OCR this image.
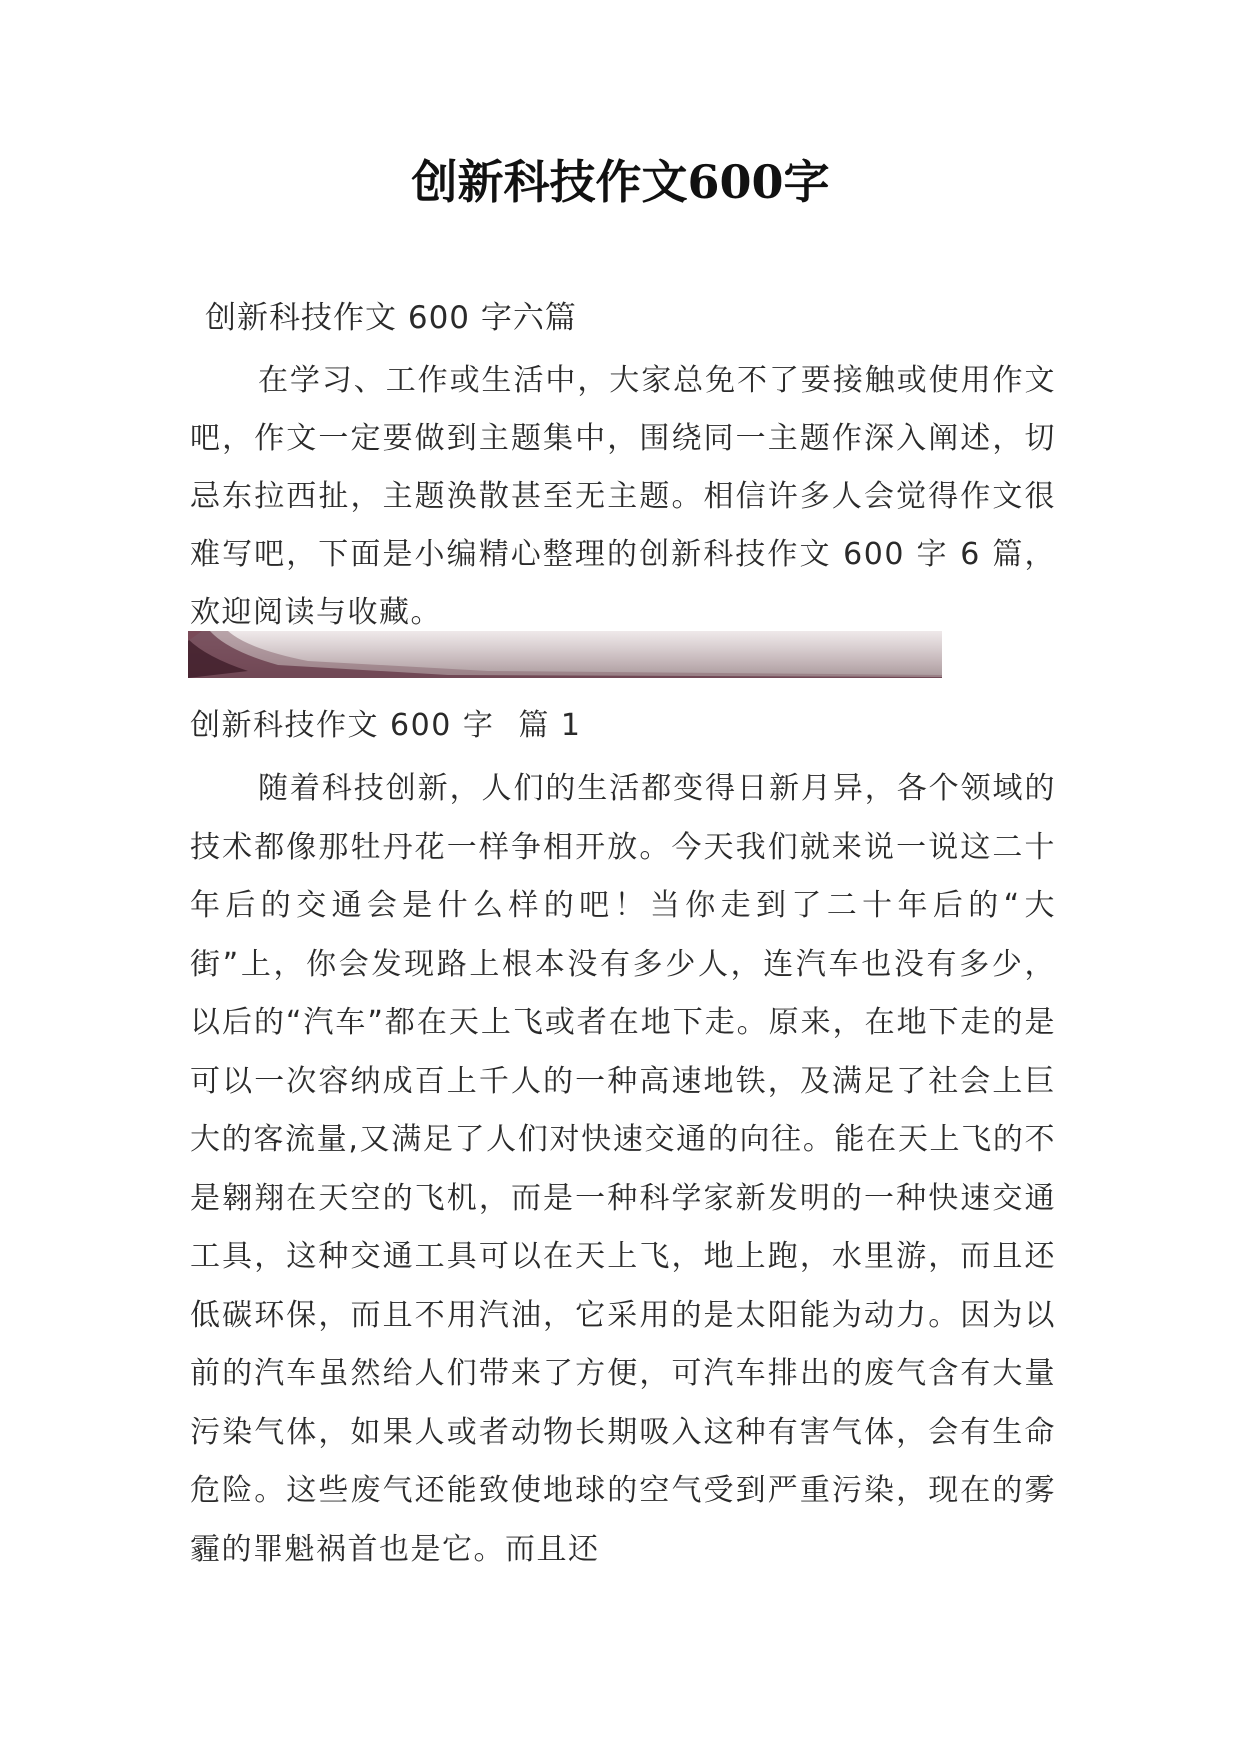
创新科技作文600字
创新科技作文 600 字六篇

在学习、工作或生活中，大家总免不了要接触或使用作文吧，作文一定要做到主题集中，围绕同一主题作深入阐述，切忌东拉西扯，主题涣散甚至无主题。相信许多人会觉得作文很难写吧，下面是小编精心整理的创新科技作文 600 字 6 篇，欢迎阅读与收藏。

创新科技作文 600 字 篇 1

随着科技创新，人们的生活都变得日新月异，各个领域的技术都像那牡丹花一样争相开放。今天我们就来说一说这二十年后的交通会是什么样的吧！当你走到了二十年后的“大街”上，你会发现路上根本没有多少人，连汽车也没有多少，以后的“汽车”都在天上飞或者在地下走。原来，在地下走的是可以一次容纳成百上千人的一种高速地铁，及满足了社会上巨大的客流量,又满足了人们对快速交通的向往。能在天上飞的不是翱翔在天空的飞机，而是一种科学家新发明的一种快速交通工具，这种交通工具可以在天上飞，地上跑，水里游，而且还低碳环保，而且不用汽油，它采用的是太阳能为动力。因为以前的汽车虽然给人们带来了方便，可汽车排出的废气含有大量污染气体，如果人或者动物长期吸入这种有害气体，会有生命危险。这些废气还能致使地球的空气受到严重污染，现在的雾霾的罪魁祸首也是它。而且还
